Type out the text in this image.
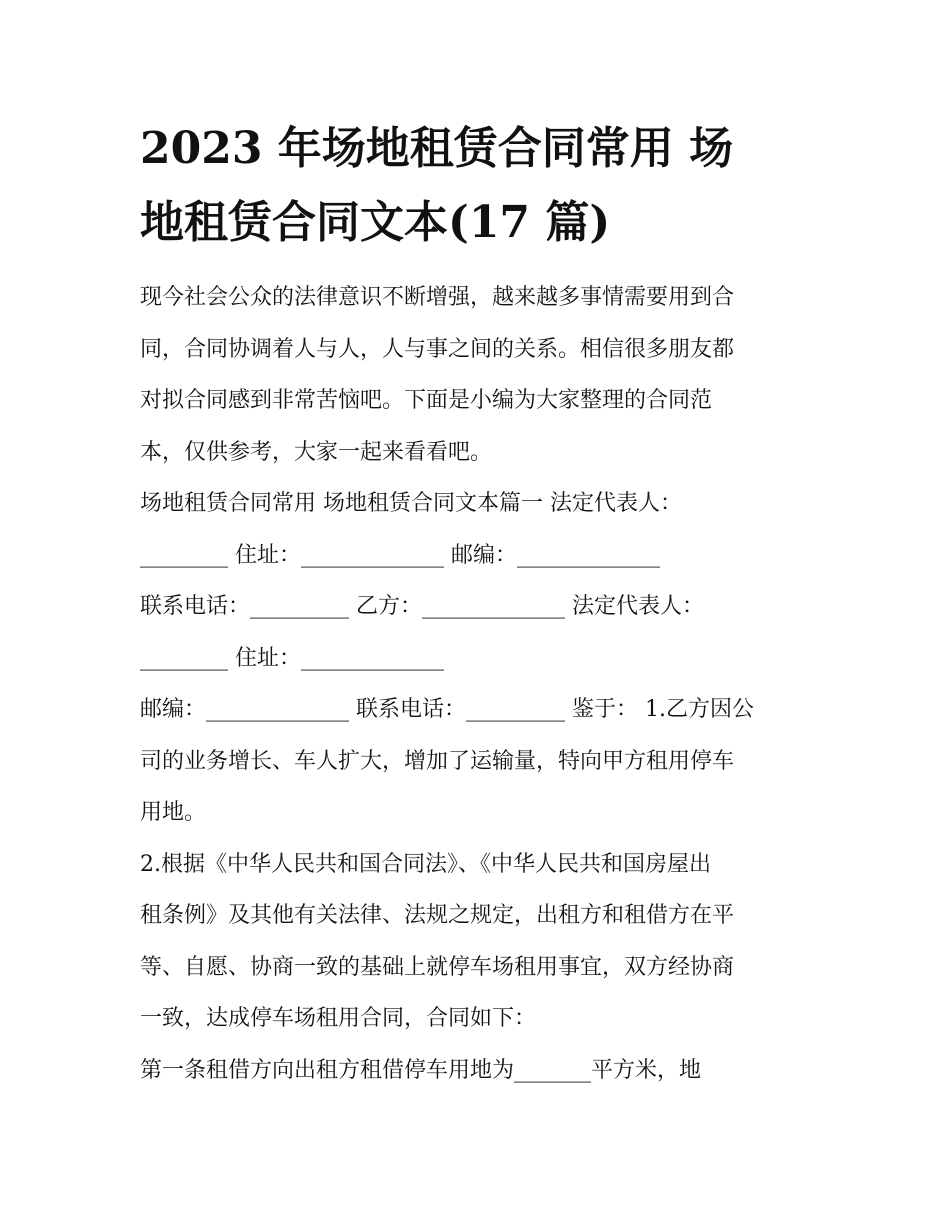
2023 年场地租赁合同常用 场
地租赁合同文本(17 篇)
现今社会公众的法律意识不断增强，越来越多事情需要用到合
同，合同协调着人与人，人与事之间的关系。相信很多朋友都
对拟合同感到非常苦恼吧。下面是小编为大家整理的合同范
本，仅供参考，大家一起来看看吧。
场地租赁合同常用 场地租赁合同文本篇一 法定代表人：
________ 住址：_____________ 邮编：_____________
联系电话：_________ 乙方：_____________ 法定代表人：
________ 住址：_____________
邮编：_____________ 联系电话：_________ 鉴于： 1.乙方因公
司的业务增长、车人扩大，增加了运输量，特向甲方租用停车
用地。
2.根据《中华人民共和国合同法》、《中华人民共和国房屋出
租条例》及其他有关法律、法规之规定，出租方和租借方在平
等、自愿、协商一致的基础上就停车场租用事宜，双方经协商
一致，达成停车场租用合同，合同如下：
第一条租借方向出租方租借停车用地为_______平方米，地
